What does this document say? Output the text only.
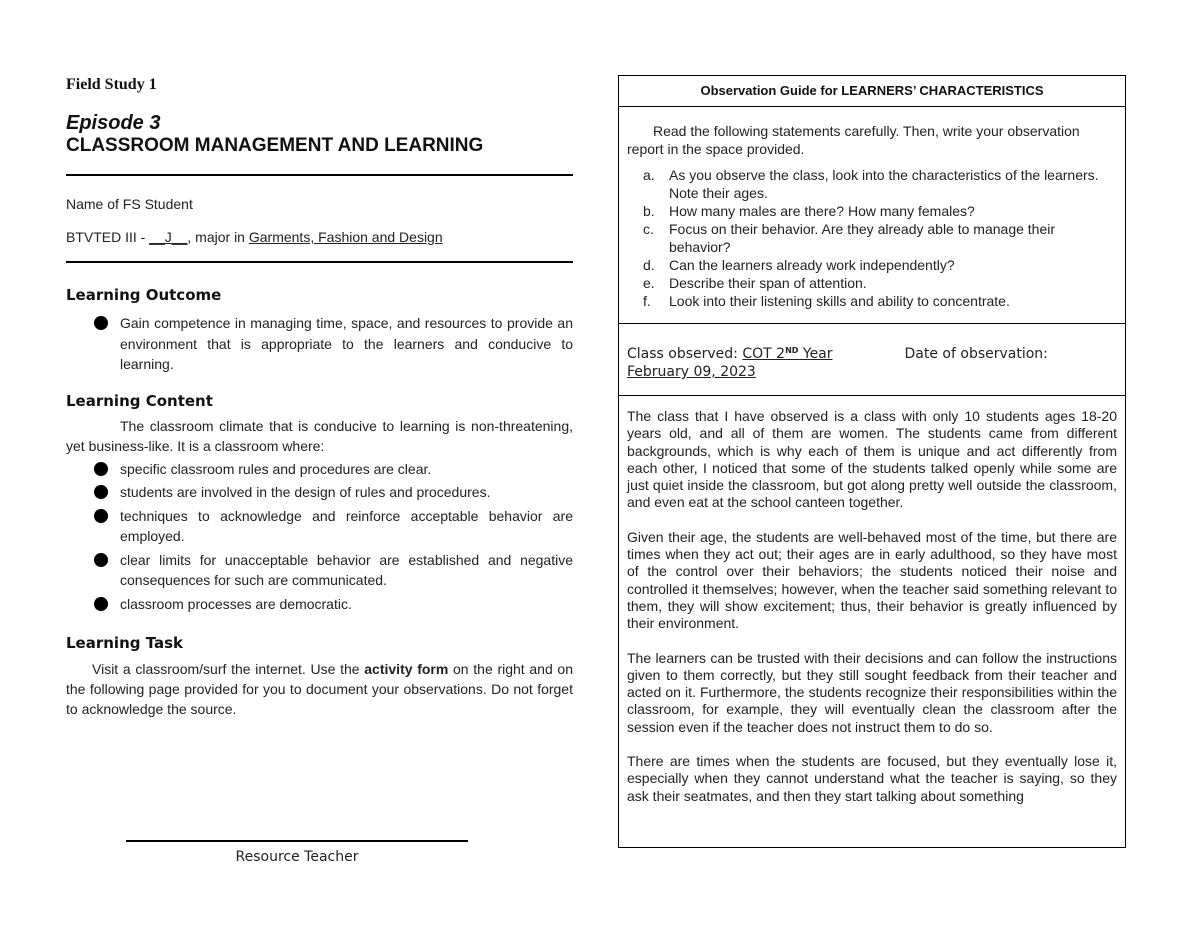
Field Study 1
Episode 3
CLASSROOM MANAGEMENT AND LEARNING
Name of FS Student
BTVTED III - __J__, major in Garments, Fashion and Design
Learning Outcome
Gain competence in managing time, space, and resources to provide an environment that is appropriate to the learners and conducive to learning.
Learning Content

The classroom climate that is conducive to learning is non-threatening, yet business-like. It is a classroom where:

specific classroom rules and procedures are clear.
students are involved in the design of rules and procedures.
techniques to acknowledge and reinforce acceptable behavior are employed.
clear limits for unacceptable behavior are established and negative consequences for such are communicated.
classroom processes are democratic.
Learning Task

Visit a classroom/surf the internet. Use the activity form on the right and on the following page provided for you to document your observations. Do not forget to acknowledge the source.

Resource Teacher
Observation Guide for LEARNERS’ CHARACTERISTICS

Read the following statements carefully. Then, write your observation report in the space provided.

a. As you observe the class, look into the characteristics of the learners. Note their ages.
b. How many males are there? How many females?
c. Focus on their behavior. Are they already able to manage their behavior?
d. Can the learners already work independently?
e. Describe their span of attention.
f. Look into their listening skills and ability to concentrate.
Class observed: COT 2ND Year	Date of observation:
February 09, 2023

The class that I have observed is a class with only 10 students ages 18-20 years old, and all of them are women. The students came from different backgrounds, which is why each of them is unique and act differently from each other, I noticed that some of the students talked openly while some are just quiet inside the classroom, but got along pretty well outside the classroom, and even eat at the school canteen together.

Given their age, the students are well-behaved most of the time, but there are times when they act out; their ages are in early adulthood, so they have most of the control over their behaviors; the students noticed their noise and controlled it themselves; however, when the teacher said something relevant to them, they will show excitement; thus, their behavior is greatly influenced by their environment.

The learners can be trusted with their decisions and can follow the instructions given to them correctly, but they still sought feedback from their teacher and acted on it. Furthermore, the students recognize their responsibilities within the classroom, for example, they will eventually clean the classroom after the session even if the teacher does not instruct them to do so.

There are times when the students are focused, but they eventually lose it, especially when they cannot understand what the teacher is saying, so they ask their seatmates, and then they start talking about something
